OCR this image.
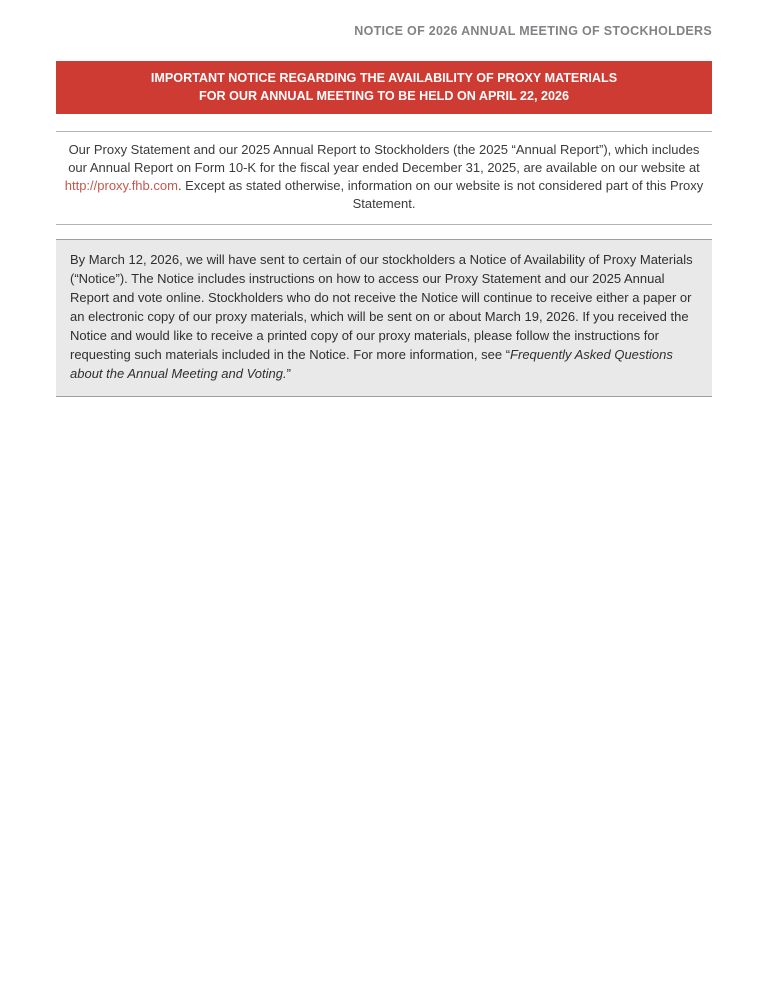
NOTICE OF 2026 ANNUAL MEETING OF STOCKHOLDERS
IMPORTANT NOTICE REGARDING THE AVAILABILITY OF PROXY MATERIALS
FOR OUR ANNUAL MEETING TO BE HELD ON APRIL 22, 2026
Our Proxy Statement and our 2025 Annual Report to Stockholders (the 2025 “Annual Report”), which includes our Annual Report on Form 10-K for the fiscal year ended December 31, 2025, are available on our website at http://proxy.fhb.com. Except as stated otherwise, information on our website is not considered part of this Proxy Statement.
By March 12, 2026, we will have sent to certain of our stockholders a Notice of Availability of Proxy Materials (“Notice”). The Notice includes instructions on how to access our Proxy Statement and our 2025 Annual Report and vote online. Stockholders who do not receive the Notice will continue to receive either a paper or an electronic copy of our proxy materials, which will be sent on or about March 19, 2026. If you received the Notice and would like to receive a printed copy of our proxy materials, please follow the instructions for requesting such materials included in the Notice. For more information, see “Frequently Asked Questions about the Annual Meeting and Voting.”
